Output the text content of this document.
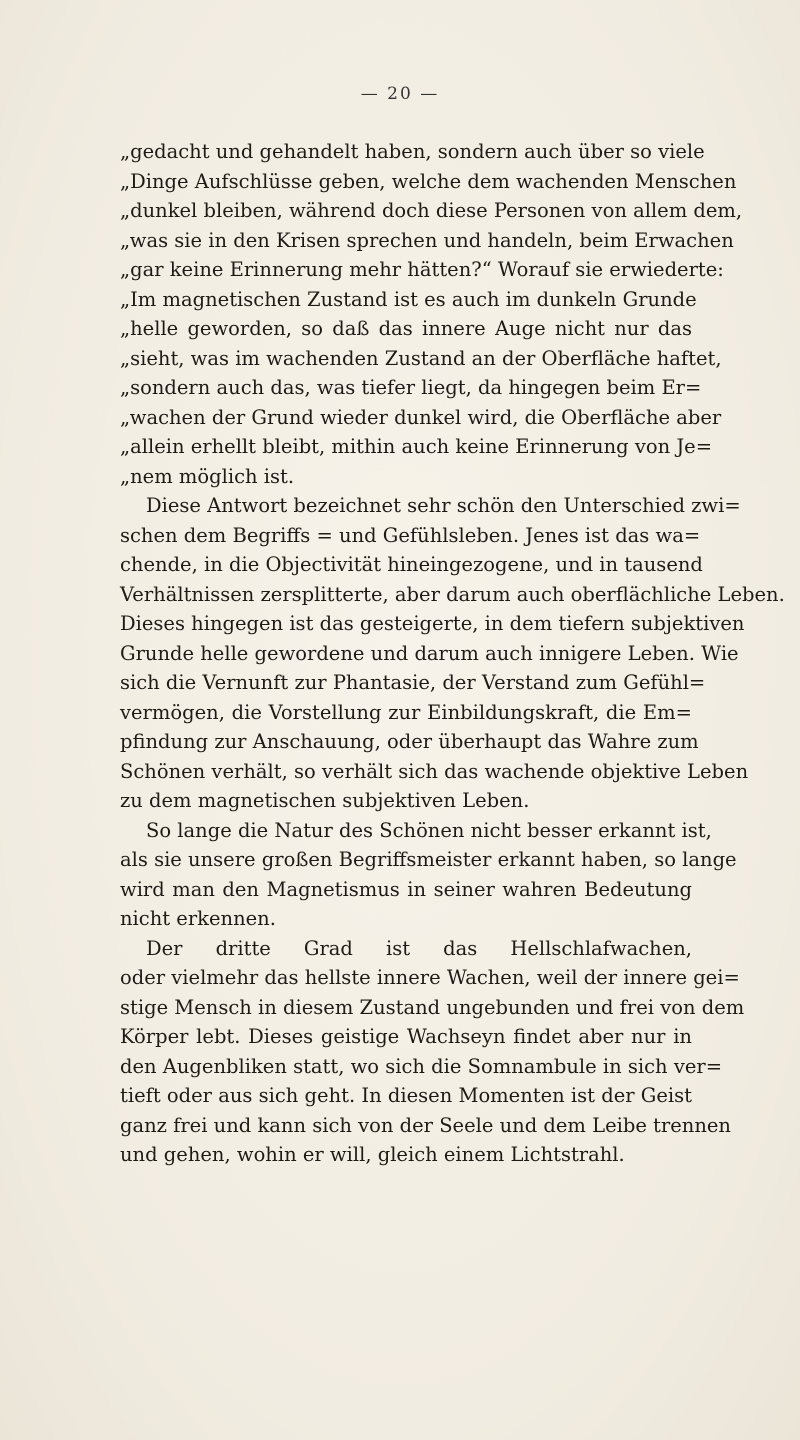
— 20 —
„gedacht und gehandelt haben, sondern auch über so viele
„Dinge Aufschlüsse geben, welche dem wachenden Menschen
„dunkel bleiben, während doch diese Personen von allem dem,
„was sie in den Krisen sprechen und handeln, beim Erwachen
„gar keine Erinnerung mehr hätten?“ Worauf sie erwiederte:
„Im magnetischen Zustand ist es auch im dunkeln Grunde
„helle geworden, so daß das innere Auge nicht nur das
„sieht, was im wachenden Zustand an der Oberfläche haftet,
„sondern auch das, was tiefer liegt, da hingegen beim Er=
„wachen der Grund wieder dunkel wird, die Oberfläche aber
„allein erhellt bleibt, mithin auch keine Erinnerung von Je=
„nem möglich ist.
Diese Antwort bezeichnet sehr schön den Unterschied zwi=
schen dem Begriffs = und Gefühlsleben. Jenes ist das wa=
chende, in die Objectivität hineingezogene, und in tausend
Verhältnissen zersplitterte, aber darum auch oberflächliche Leben.
Dieses hingegen ist das gesteigerte, in dem tiefern subjektiven
Grunde helle gewordene und darum auch innigere Leben. Wie
sich die Vernunft zur Phantasie, der Verstand zum Gefühl=
vermögen, die Vorstellung zur Einbildungskraft, die Em=
pfindung zur Anschauung, oder überhaupt das Wahre zum
Schönen verhält, so verhält sich das wachende objektive Leben
zu dem magnetischen subjektiven Leben.
So lange die Natur des Schönen nicht besser erkannt ist,
als sie unsere großen Begriffsmeister erkannt haben, so lange
wird man den Magnetismus in seiner wahren Bedeutung
nicht erkennen.
Der dritte Grad ist das Hellschlafwachen,
oder vielmehr das hellste innere Wachen, weil der innere gei=
stige Mensch in diesem Zustand ungebunden und frei von dem
Körper lebt. Dieses geistige Wachseyn findet aber nur in
den Augenbliken statt, wo sich die Somnambule in sich ver=
tieft oder aus sich geht. In diesen Momenten ist der Geist
ganz frei und kann sich von der Seele und dem Leibe trennen
und gehen, wohin er will, gleich einem Lichtstrahl.
